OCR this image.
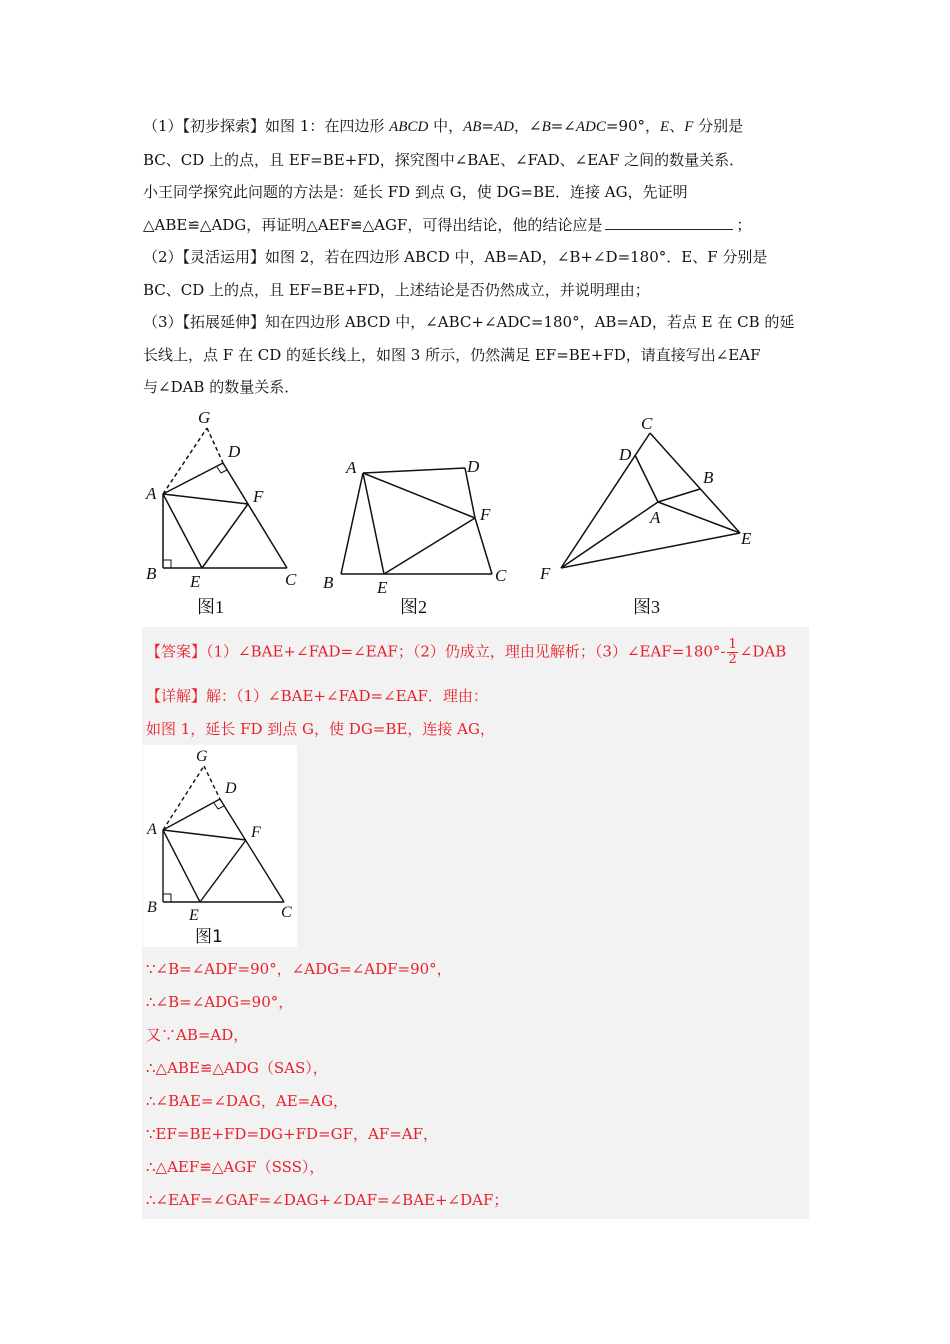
（1）【初步探索】如图 1：在四边形 ABCD 中，AB=AD，∠B=∠ADC=90°，E、F 分别是

BC、CD 上的点，且 EF=BE+FD，探究图中∠BAE、∠FAD、∠EAF 之间的数量关系．

小王同学探究此问题的方法是：延长 FD 到点 G，使 DG=BE．连接 AG，先证明

△ABE≌△ADG，再证明△AEF≌△AGF，可得出结论，他的结论应是	；

（2）【灵活运用】如图 2，若在四边形 ABCD 中，AB=AD，∠B+∠D=180°．E、F 分别是

BC、CD 上的点，且 EF=BE+FD，上述结论是否仍然成立，并说明理由；

（3）【拓展延伸】知在四边形 ABCD 中，∠ABC+∠ADC=180°，AB=AD，若点 E 在 CB 的延

长线上，点 F 在 CD 的延长线上，如图 3 所示，仍然满足 EF=BE+FD，请直接写出∠EAF

与∠DAB 的数量关系．

G
D
A	F
B E	C
图1
A	D
F
B	E
C
图2
C
D
B
A
E
F
图3
【答案】（1）∠BAE+∠FAD=∠EAF；（2）仍成立，理由见解析；（3）∠EAF=180°- $\frac{1}{2}$ ∠DAB
【详解】解：（1）∠BAE+∠FAD=∠EAF．理由：
如图 1，延长 FD 到点 G，使 DG=BE，连接 AG，
G
D
A	F
B E	C
图1
∵∠B=∠ADF=90°，∠ADG=∠ADF=90°，
∴∠B=∠ADG=90°，
又∵AB=AD，
∴△ABE≌△ADG（SAS），
∴∠BAE=∠DAG，AE=AG，
∵EF=BE+FD=DG+FD=GF，AF=AF，
∴△AEF≌△AGF（SSS），
∴∠EAF=∠GAF=∠DAG+∠DAF=∠BAE+∠DAF；
